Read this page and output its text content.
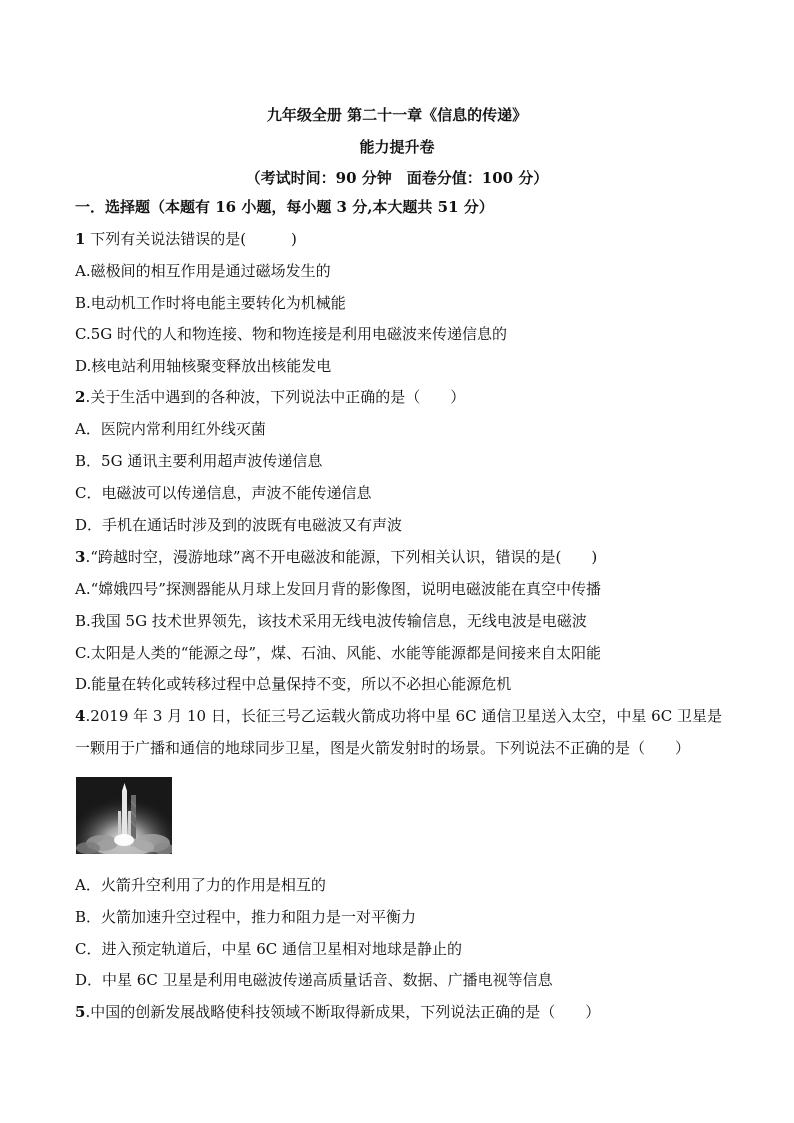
九年级全册 第二十一章《信息的传递》
能力提升卷
（考试时间：90 分钟　面卷分值：100 分）
一．选择题（本题有 16 小题，每小题 3 分,本大题共 51 分）
1 下列有关说法错误的是(　　　)
A.磁极间的相互作用是通过磁场发生的
B.电动机工作时将电能主要转化为机械能
C.5G 时代的人和物连接、物和物连接是利用电磁波来传递信息的
D.核电站利用轴核聚变释放出核能发电
2.关于生活中遇到的各种波，下列说法中正确的是（　　）
A．医院内常利用红外线灭菌
B．5G 通讯主要利用超声波传递信息
C．电磁波可以传递信息，声波不能传递信息
D．手机在通话时涉及到的波既有电磁波又有声波
3.“跨越时空，漫游地球”离不开电磁波和能源，下列相关认识，错误的是(　　)
A.“嫦娥四号”探测器能从月球上发回月背的影像图，说明电磁波能在真空中传播
B.我国 5G 技术世界领先，该技术采用无线电波传输信息，无线电波是电磁波
C.太阳是人类的“能源之母”，煤、石油、风能、水能等能源都是间接来自太阳能
D.能量在转化或转移过程中总量保持不变，所以不必担心能源危机
4.2019 年 3 月 10 日，长征三号乙运载火箭成功将中星 6C 通信卫星送入太空，中星 6C 卫星是
一颗用于广播和通信的地球同步卫星，图是火箭发射时的场景。下列说法不正确的是（　　）
A．火箭升空利用了力的作用是相互的
B．火箭加速升空过程中，推力和阻力是一对平衡力
C．进入预定轨道后，中星 6C 通信卫星相对地球是静止的
D．中星 6C 卫星是利用电磁波传递高质量话音、数据、广播电视等信息
5.中国的创新发展战略使科技领域不断取得新成果，下列说法正确的是（　　）
